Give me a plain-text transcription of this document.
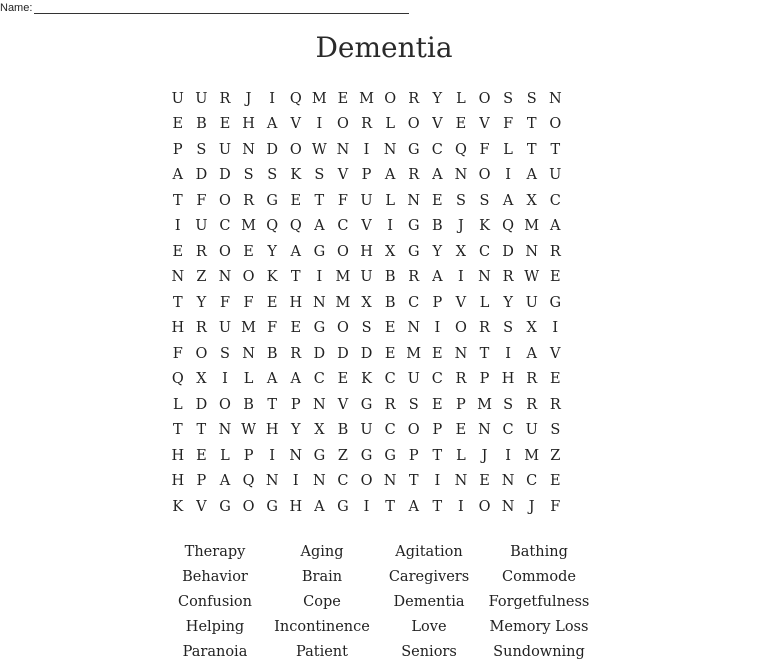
Name:
Dementia
U U R	J	I	Q M E M O R Y L O S S N
E B E H A V	I	O R L O V E V F T O
P S U N D O W N I N G C Q F L T T
A D D S S K S V P A R A N O	I	A U
T F O R G E T F U L N E S S A X C
I	U C M Q Q A C V	I	G B	J	K Q M A
E R O E Y A G O H X G Y X C D N R
N Z N O K T	I M U B R A	I N R W E
T Y F F E H N M X B C P V L Y U G
H R U M F E G O S E N I	O R S X	I
F O S N B R D D D E M E N T	I	A V
Q X	I	L A A C E K C U C R P H R E
L D O B T P N V G R S E P M S R R
T T N W H Y X B U C O P E N C U S
H E L P	I N G Z G G P T L	J	I M Z
H P A Q N I N C O N T	I N E N C E
K V G O G H A G	I	T A T	I	O N J	F
Therapy	Aging	Agitation	Bathing
Behavior	Brain	Caregivers	Commode
Confusion	Cope	Dementia	Forgetfulness
Helping	Incontinence	Love	Memory Loss
Paranoia	Patient	Seniors	Sundowning
